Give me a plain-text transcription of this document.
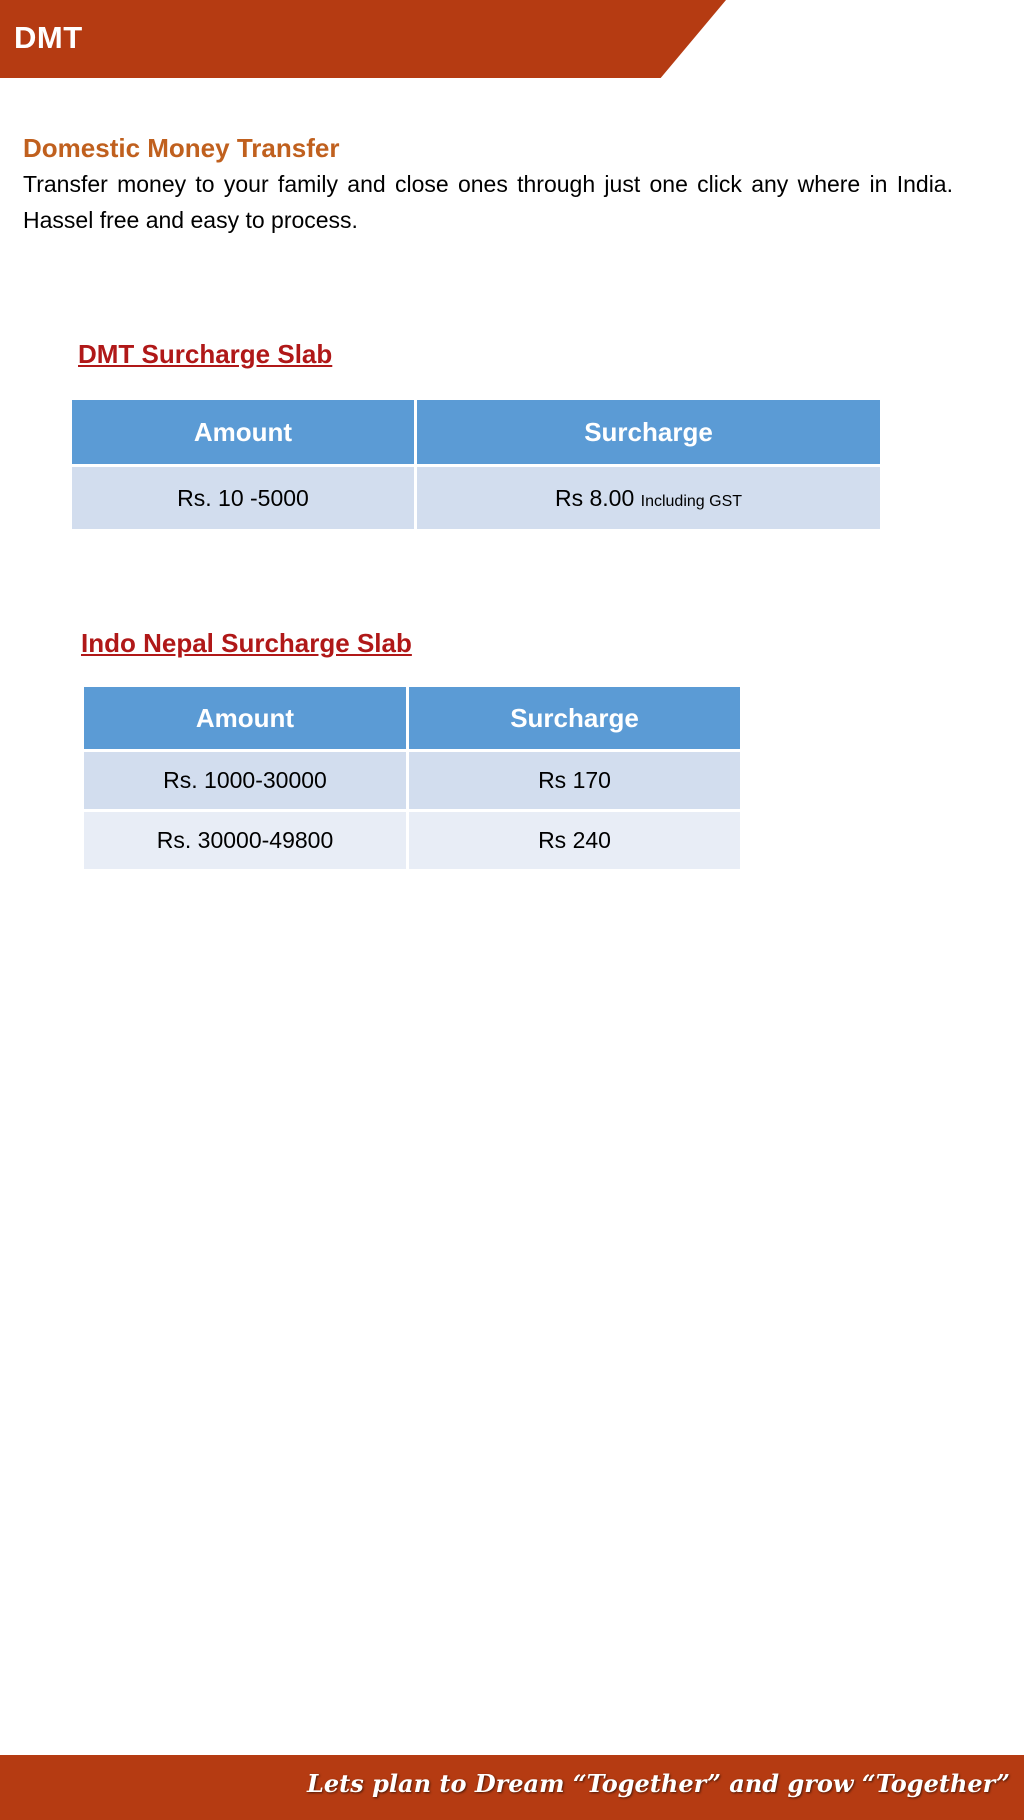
DMT
Domestic Money Transfer
Transfer money to your family and close ones through just one click any where in India. Hassel free and easy to process.
DMT Surcharge Slab
Amount	Surcharge
Rs. 10 -5000	Rs 8.00 Including GST
Indo Nepal Surcharge Slab
Amount	Surcharge
Rs. 1000-30000	Rs 170
Rs. 30000-49800	Rs 240
Lets plan to Dream “Together” and grow “Together”
